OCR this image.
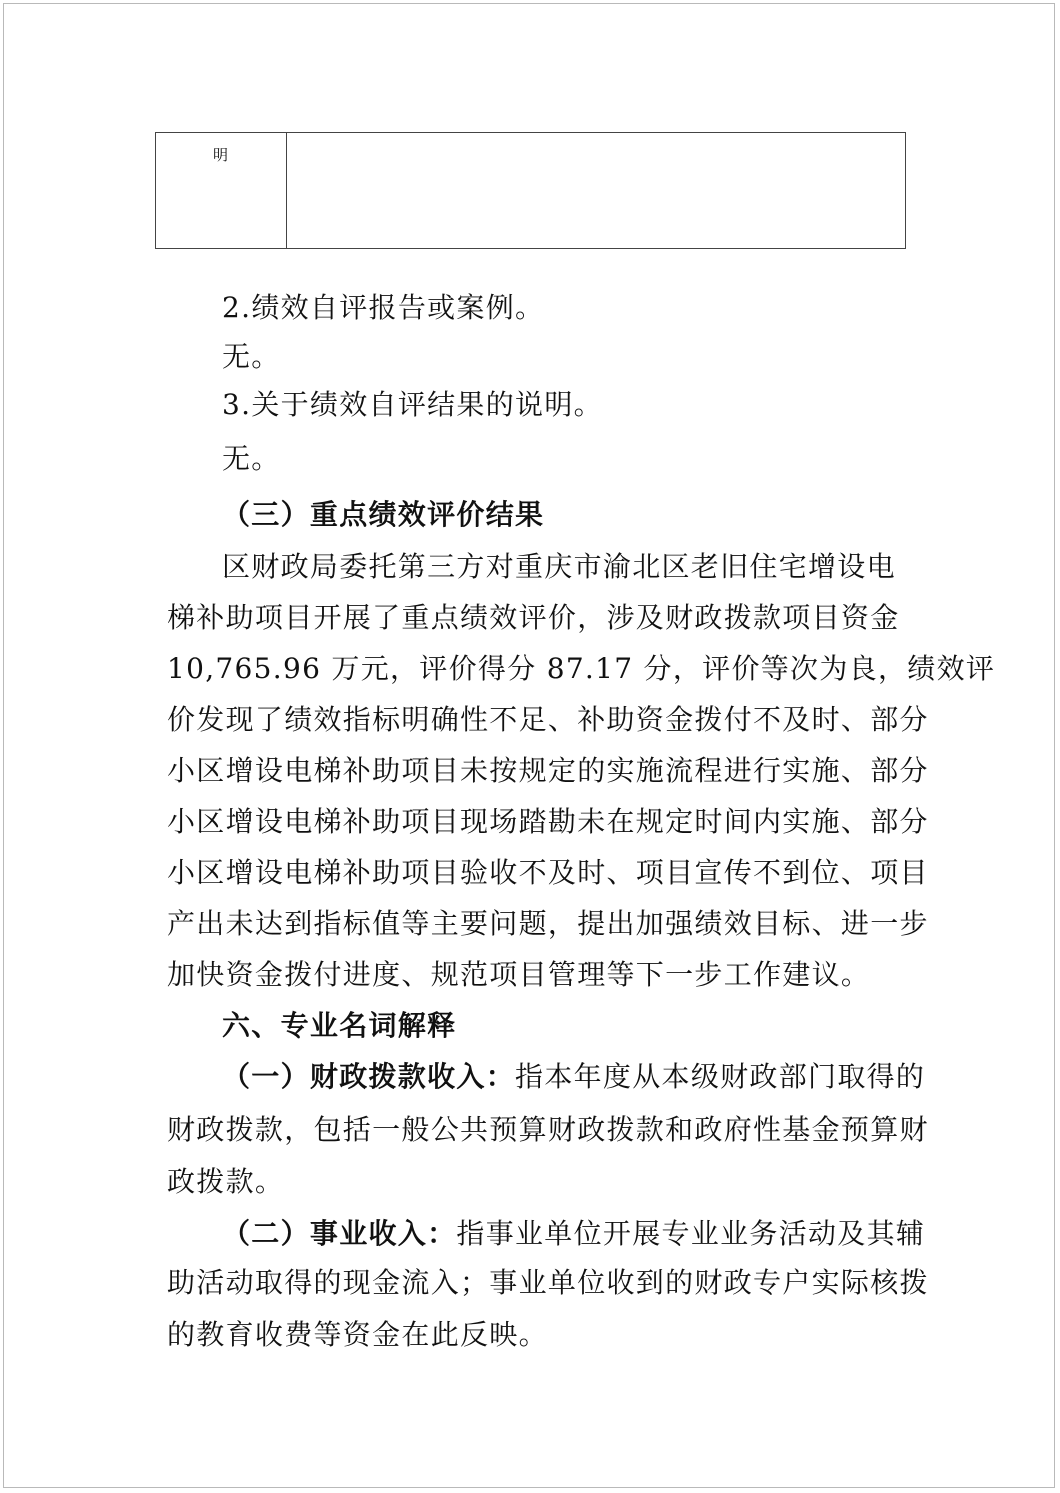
明
2.绩效自评报告或案例。
无。
3.关于绩效自评结果的说明。
无。
（三）重点绩效评价结果
区财政局委托第三方对重庆市渝北区老旧住宅增设电
梯补助项目开展了重点绩效评价，涉及财政拨款项目资金
10,765.96 万元，评价得分 87.17 分，评价等次为良，绩效评
价发现了绩效指标明确性不足、补助资金拨付不及时、部分
小区增设电梯补助项目未按规定的实施流程进行实施、部分
小区增设电梯补助项目现场踏勘未在规定时间内实施、部分
小区增设电梯补助项目验收不及时、项目宣传不到位、项目
产出未达到指标值等主要问题，提出加强绩效目标、进一步
加快资金拨付进度、规范项目管理等下一步工作建议。
六、专业名词解释
（一）财政拨款收入：指本年度从本级财政部门取得的
财政拨款，包括一般公共预算财政拨款和政府性基金预算财
政拨款。
（二）事业收入：指事业单位开展专业业务活动及其辅
助活动取得的现金流入；事业单位收到的财政专户实际核拨
的教育收费等资金在此反映。
